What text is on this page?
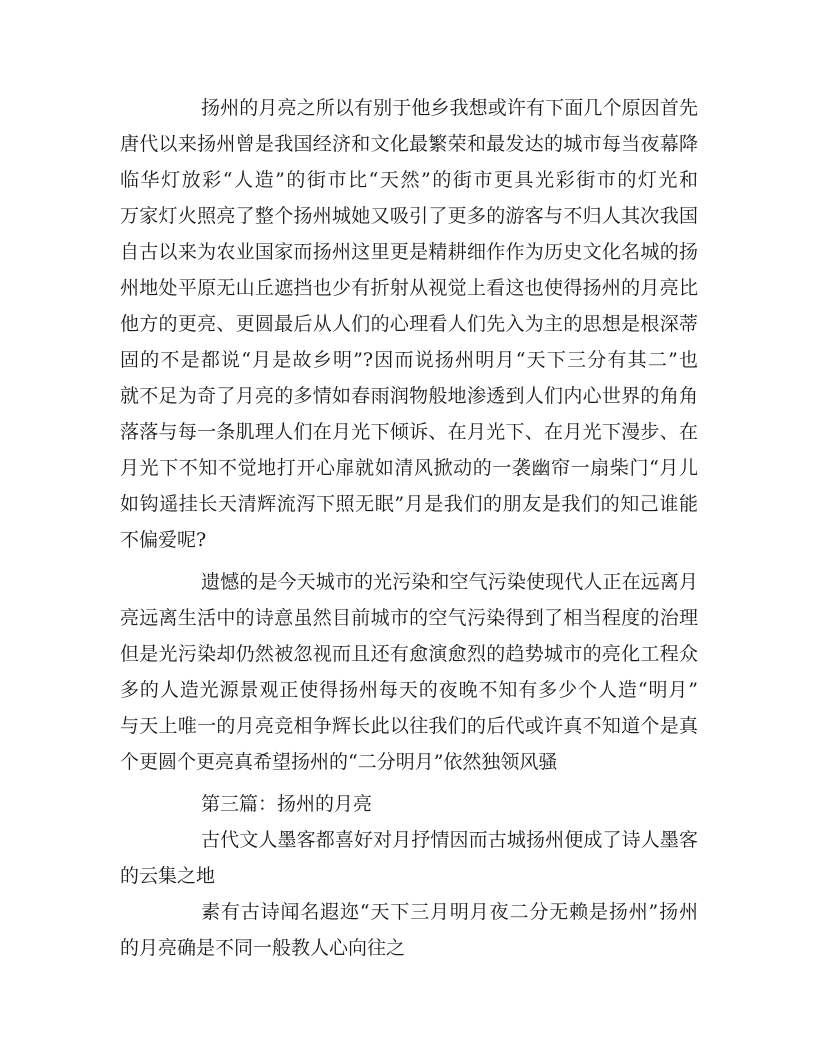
扬州的月亮之所以有别于他乡我想或许有下面几个原因首先
唐代以来扬州曾是我国经济和文化最繁荣和最发达的城市每当夜幕降
临华灯放彩“人造”的街市比“天然”的街市更具光彩街市的灯光和
万家灯火照亮了整个扬州城她又吸引了更多的游客与不归人其次我国
自古以来为农业国家而扬州这里更是精耕细作作为历史文化名城的扬
州地处平原无山丘遮挡也少有折射从视觉上看这也使得扬州的月亮比
他方的更亮、更圆最后从人们的心理看人们先入为主的思想是根深蒂
固的不是都说“月是故乡明”?因而说扬州明月“天下三分有其二”也
就不足为奇了月亮的多情如春雨润物般地渗透到人们内心世界的角角
落落与每一条肌理人们在月光下倾诉、在月光下、在月光下漫步、在
月光下不知不觉地打开心扉就如清风掀动的一袭幽帘一扇柴门“月儿
如钩遥挂长天清辉流泻下照无眠”月是我们的朋友是我们的知己谁能
不偏爱呢?
遗憾的是今天城市的光污染和空气污染使现代人正在远离月
亮远离生活中的诗意虽然目前城市的空气污染得到了相当程度的治理
但是光污染却仍然被忽视而且还有愈演愈烈的趋势城市的亮化工程众
多的人造光源景观正使得扬州每天的夜晚不知有多少个人造“明月”
与天上唯一的月亮竞相争辉长此以往我们的后代或许真不知道个是真
个更圆个更亮真希望扬州的“二分明月”依然独领风骚
第三篇：扬州的月亮
古代文人墨客都喜好对月抒情因而古城扬州便成了诗人墨客
的云集之地
素有古诗闻名遐迩“天下三月明月夜二分无赖是扬州”扬州
的月亮确是不同一般教人心向往之
